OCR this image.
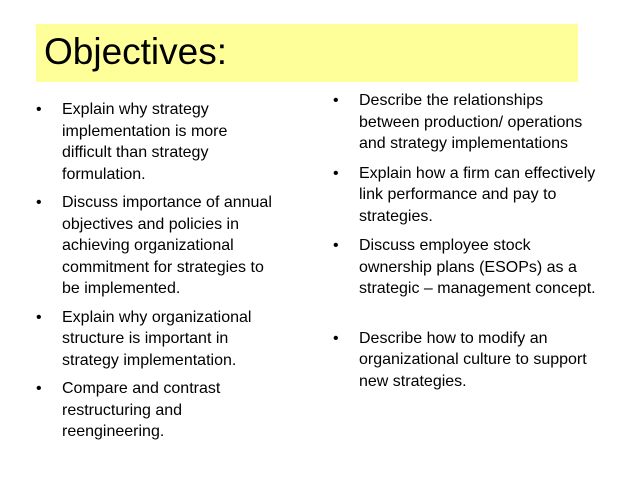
Objectives:
•	Explain why strategy implementation is more difficult than strategy formulation.
•	Discuss importance of annual objectives and policies in achieving organizational commitment for strategies to be implemented.
•	Explain why organizational structure is important in strategy implementation.
•	Compare and contrast restructuring and reengineering.
•	Describe the relationships between production/ operations and strategy implementations
•	Explain how a firm can effectively link performance and pay to strategies.
•	Discuss employee stock ownership plans (ESOPs) as a strategic – management concept.
•	Describe how to modify an organizational culture to support new strategies.
